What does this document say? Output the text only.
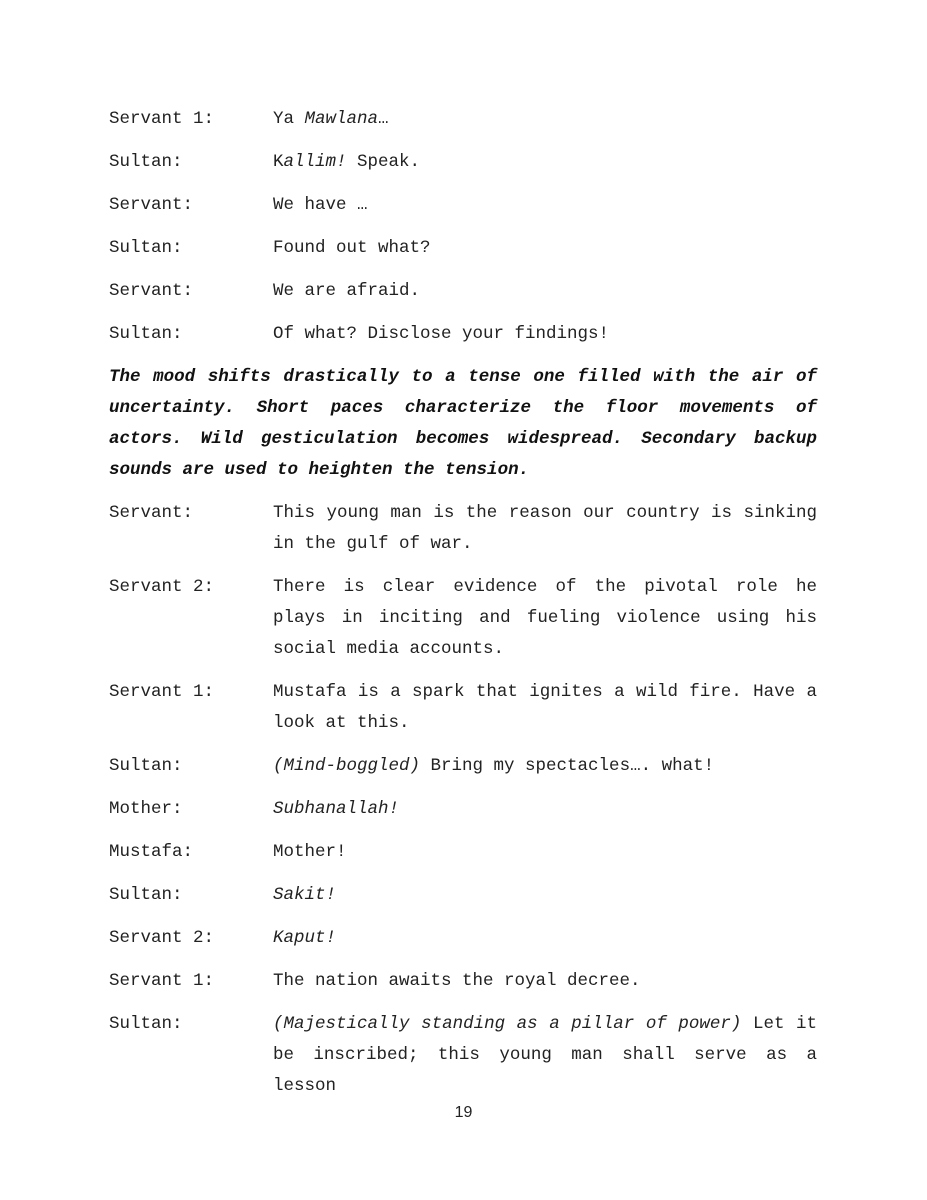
Servant 1:	Ya Mawlana…
Sultan:	Kallim! Speak.
Servant:	We have …
Sultan:	Found out what?
Servant:	We are afraid.
Sultan:	Of what? Disclose your findings!
The mood shifts drastically to a tense one filled with the air of uncertainty. Short paces characterize the floor movements of actors. Wild gesticulation becomes widespread. Secondary backup sounds are used to heighten the tension.
Servant:	This young man is the reason our country is sinking in the gulf of war.
Servant 2:	There is clear evidence of the pivotal role he plays in inciting and fueling violence using his social media accounts.
Servant 1:	Mustafa is a spark that ignites a wild fire. Have a look at this.
Sultan:	(Mind-boggled) Bring my spectacles…. what!
Mother:	Subhanallah!
Mustafa:	Mother!
Sultan:	Sakit!
Servant 2:	Kaput!
Servant 1:	The nation awaits the royal decree.
Sultan:	(Majestically standing as a pillar of power) Let it be inscribed; this young man shall serve as a lesson
19
